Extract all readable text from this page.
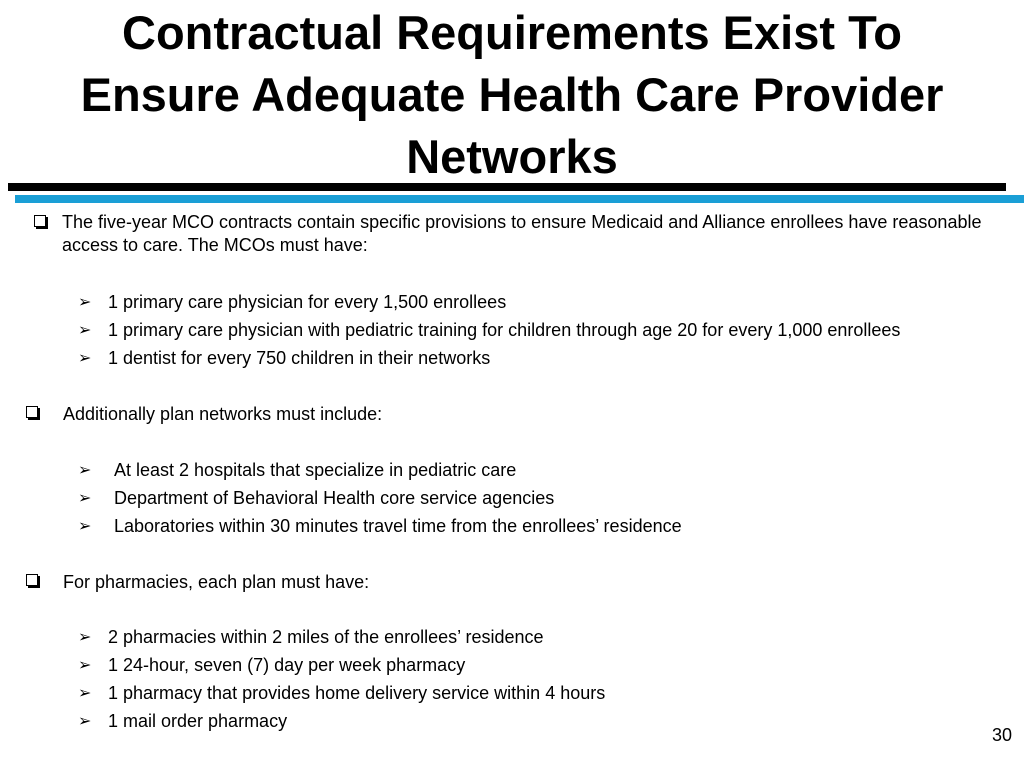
Contractual Requirements Exist To
Ensure Adequate Health Care Provider
Networks
The five-year MCO contracts contain specific provisions to ensure Medicaid and Alliance enrollees have reasonable access to care. The MCOs must have:
➢ 1 primary care physician for every 1,500 enrollees
➢ 1 primary care physician with pediatric training for children through age 20 for every 1,000 enrollees
➢ 1 dentist for every 750 children in their networks
Additionally plan networks must include:
➢ At least 2 hospitals that specialize in pediatric care
➢ Department of Behavioral Health core service agencies
➢ Laboratories within 30 minutes travel time from the enrollees’ residence
For pharmacies, each plan must have:
➢ 2 pharmacies within 2 miles of the enrollees’ residence
➢ 1 24-hour, seven (7) day per week pharmacy
➢ 1 pharmacy that provides home delivery service within 4 hours
➢ 1 mail order pharmacy
30
